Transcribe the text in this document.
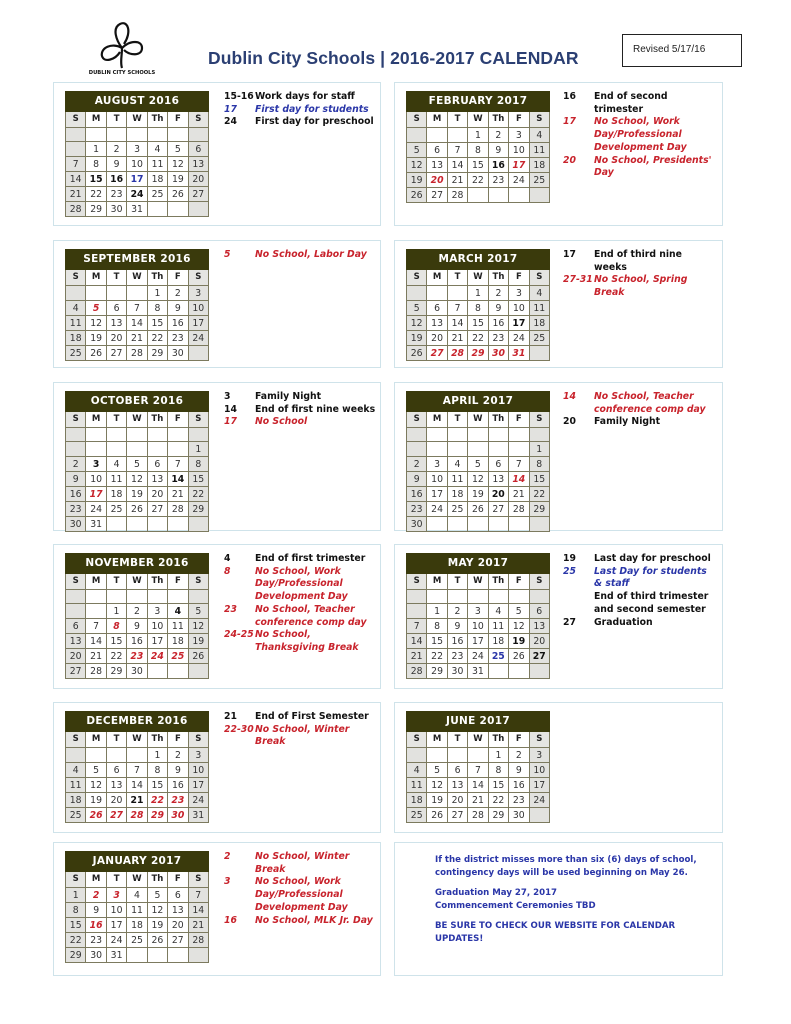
DUBLIN CITY SCHOOLS
Dublin City Schools | 2016-2017 CALENDAR	Revised 5/17/16
AUGUST 2016						
S	M	T	W	Th	F	S

	1	2	3	4	5	6
7	8	9	10	11	12	13
14	15	16	17	18	19	20
21	22	23	24	25	26	27
28	29	30	31			
15-16 Work days for staff
17	First day for students
24	First day for preschool
SEPTEMBER 2016						
S	M	T	W	Th	F	S
				1	2	3
4	5	6	7	8	9	10
11	12	13	14	15	16	17
18	19	20	21	22	23	24
25	26	27	28	29	30	
5	No School, Labor Day
OCTOBER 2016						
S	M	T	W	Th	F	S

						1
2	3	4	5	6	7	8
9	10	11	12	13	14	15
16	17	18	19	20	21	22
23	24	25	26	27	28	29
30	31					
3	Family Night
14	End of first nine weeks
17	No School
NOVEMBER 2016						
S	M	T	W	Th	F	S

		1	2	3	4	5
6	7	8	9	10	11	12
13	14	15	16	17	18	19
20	21	22	23	24	25	26
27	28	29	30			
4	End of first trimester
8	No School, Work Day/Professional Development Day
23	No School, Teacher conference comp day
24-25 No School, Thanksgiving Break
DECEMBER 2016						
S	M	T	W	Th	F	S
				1	2	3
4	5	6	7	8	9	10
11	12	13	14	15	16	17
18	19	20	21	22	23	24
25	26	27	28	29	30	31
21	End of First Semester
22-30 No School, Winter Break
JANUARY 2017						
S	M	T	W	Th	F	S
1	2	3	4	5	6	7
8	9	10	11	12	13	14
15	16	17	18	19	20	21
22	23	24	25	26	27	28
29	30	31				
2	No School, Winter Break
3	No School, Work Day/Professional Development Day
16	No School, MLK Jr. Day
FEBRUARY 2017						
S	M	T	W	Th	F	S
			1	2	3	4
5	6	7	8	9	10	11
12	13	14	15	16	17	18
19	20	21	22	23	24	25
26	27	28				
16	End of second trimester
17	No School, Work Day/Professional Development Day
20	No School, Presidents' Day
MARCH 2017						
S	M	T	W	Th	F	S
			1	2	3	4
5	6	7	8	9	10	11
12	13	14	15	16	17	18
19	20	21	22	23	24	25
26	27	28	29	30	31	
17	End of third nine weeks
27-31 No School, Spring Break
APRIL 2017						
S	M	T	W	Th	F	S

						1
2	3	4	5	6	7	8
9	10	11	12	13	14	15
16	17	18	19	20	21	22
23	24	25	26	27	28	29
30						
14	No School, Teacher conference comp day
20	Family Night
MAY 2017						
S	M	T	W	Th	F	S

	1	2	3	4	5	6
7	8	9	10	11	12	13
14	15	16	17	18	19	20
21	22	23	24	25	26	27
28	29	30	31			
19	Last day for preschool
25	Last Day for students & staff
End of third trimester and second semester
27	Graduation
JUNE 2017						
S	M	T	W	Th	F	S
				1	2	3
4	5	6	7	8	9	10
11	12	13	14	15	16	17
18	19	20	21	22	23	24
25	26	27	28	29	30	

If the district misses more than six (6) days of school, contingency days will be used beginning on May 26.

Graduation May 27, 2017

Commencement Ceremonies TBD

BE SURE TO CHECK OUR WEBSITE FOR CALENDAR UPDATES!
